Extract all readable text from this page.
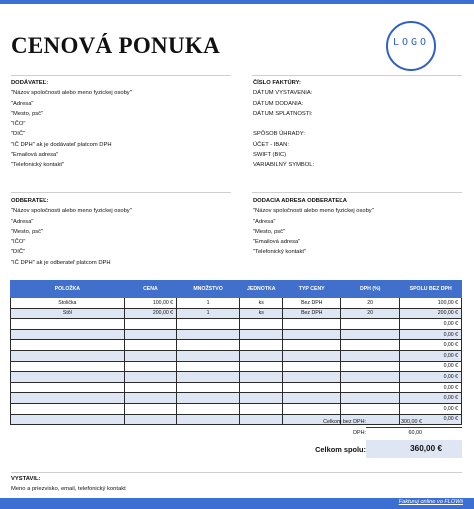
CENOVÁ PONUKA	LOGO
DODÁVATEĽ:
"Názov spoločnosti alebo meno fyzickej osoby"
"Adresa"
"Mesto, psč"
"IČO"
"DIČ"
"IČ DPH" ak je dodávateľ platcom DPH
"Emailová adresa"
"Telefonický kontakt"
ČÍSLO FAKTÚRY:
DÁTUM VYSTAVENIA:
DÁTUM DODANIA:
DÁTUM SPLATNOSTI:
SPÔSOB ÚHRADY:
ÚČET - IBAN:
SWIFT (BIC)
VARIABILNÝ SYMBOL:
ODBERATEĽ:
"Názov spoločnosti alebo meno fyzickej osoby"
"Adresa"
"Mesto, psč"
"IČO"
"DIČ"
"IČ DPH" ak je odberateľ platcom DPH
DODACIA ADRESA ODBERATEĽA
"Názov spoločnosti alebo meno fyzickej osoby"
"Adresa"
"Mesto, psč"
"Emailová adresa"
"Telefonický kontakt"
POLOŽKA	CENA	MNOŽSTVO	JEDNOTKA	TYP CENY	DPH (%)	SPOLU BEZ DPH
Stolička	100,00 €	1	ks	Bez DPH	20	100,00 €
Stôl	200,00 €	1	ks	Bez DPH	20	200,00 €
						0,00 €
						0,00 €
						0,00 €
						0,00 €
						0,00 €
						0,00 €
						0,00 €
						0,00 €
						0,00 €
						0,00 €
Celkom bez DPH:	300,00 €
DPH:	60,00
Celkom spolu:	360,00 €
VYSTAVIL:
Meno a priezvisko, email, telefonický kontakt
Fakturuj online vo FLOWii
